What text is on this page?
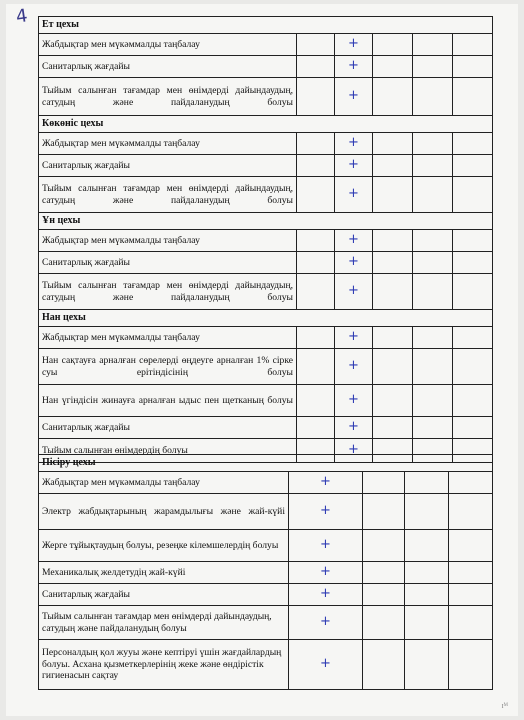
4 Ет цехы					
Жабдықтар мен мүкәммалды таңбалау		+			
Санитарлық жағдайы		+			
Тыйым салынған тағамдар мен өнімдерді дайындаудың, сатудың және пайдаланудың болуы		+			
Көкөніс цехы					
Жабдықтар мен мүкәммалды таңбалау		+			
Санитарлық жағдайы		+			
Тыйым салынған тағамдар мен өнімдерді дайындаудың, сатудың және пайдаланудың болуы		+			
Ұн цехы					
Жабдықтар мен мүкәммалды таңбалау		+			
Санитарлық жағдайы		+			
Тыйым салынған тағамдар мен өнімдерді дайындаудың, сатудың және пайдаланудың болуы		+			
Нан цехы					
Жабдықтар мен мүкәммалды таңбалау		+			
Нан сақтауға арналған сөрелерді өңдеуге арналған 1% сірке суы ерітіндісінің болуы		+			
Нан үгіндісін жинауға арналған ыдыс пен щетканың болуы		+			
Санитарлық жағдайы		+			
Тыйым салынған өнімдердің болуы		+			
Пісіру цехы				
Жабдықтар мен мүкәммалды таңбалау	+			
Электр жабдықтарының жарамдылығы және жай-күйі	+			
Жерге тұйықтаудың болуы, резеңке кілемшелердің болуы	+			
Механикалық желдетудің жай-күйі	+			
Санитарлық жағдайы	+			
Тыйым салынған тағамдар мен өнімдерді дайындаудың, сатудың және пайдаланудың болуы	+			
Персоналдың қол жууы және кептіруі үшін жағдайлардың болуы. Асхана қызметкерлерінің жеке және өндірістік гигиенасын сақтау	+			
ɪᴹ
